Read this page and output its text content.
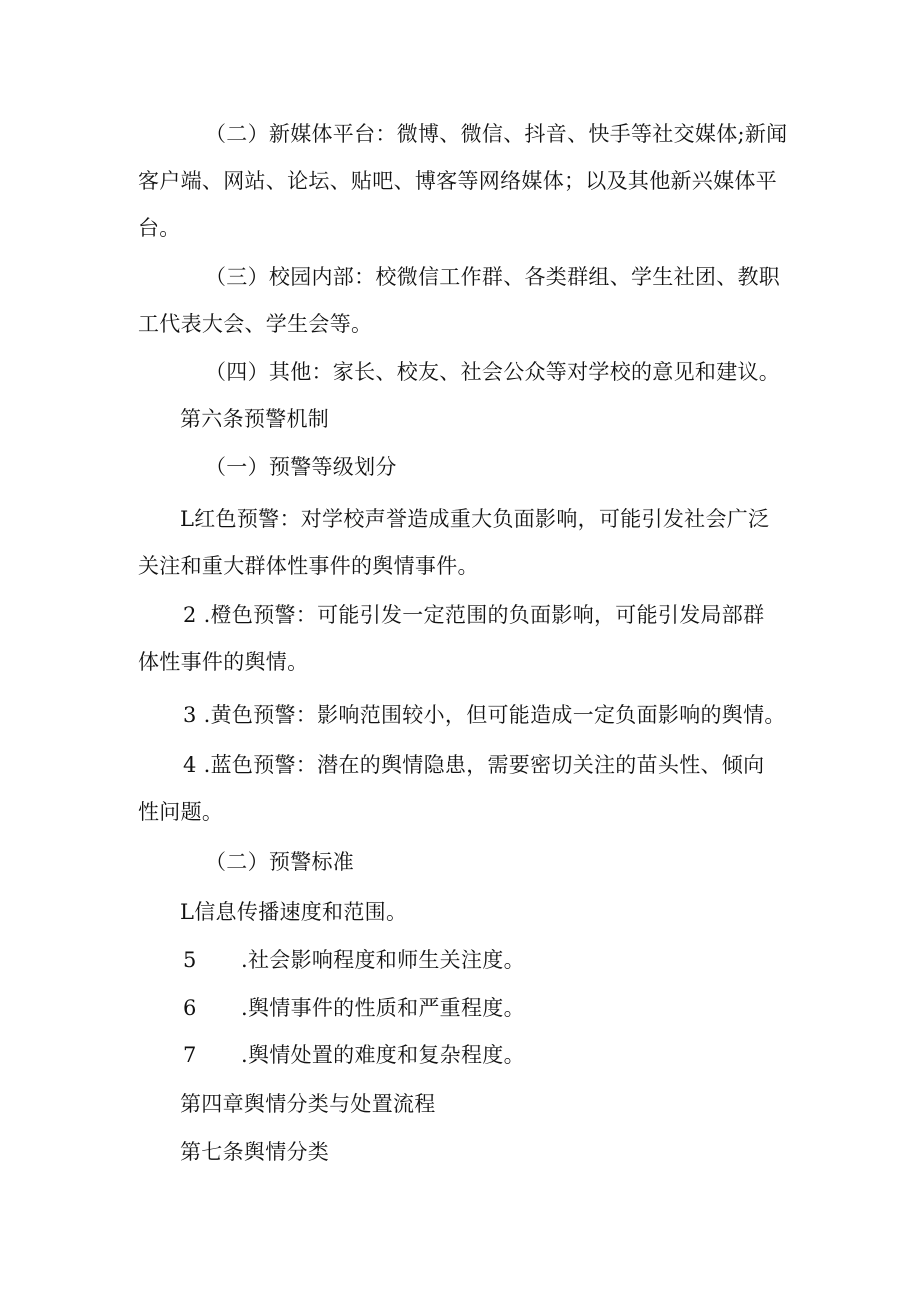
（二）新媒体平台：微博、微信、抖音、快手等社交媒体;新闻
客户端、网站、论坛、贴吧、博客等网络媒体；以及其他新兴媒体平
台。
（三）校园内部：校微信工作群、各类群组、学生社团、教职
工代表大会、学生会等。
（四）其他：家长、校友、社会公众等对学校的意见和建议。
第六条预警机制
（一）预警等级划分
L红色预警：对学校声誉造成重大负面影响，可能引发社会广泛
关注和重大群体性事件的舆情事件。
2 .橙色预警：可能引发一定范围的负面影响，可能引发局部群
体性事件的舆情。
3 .黄色预警：影响范围较小，但可能造成一定负面影响的舆情。
4 .蓝色预警：潜在的舆情隐患，需要密切关注的苗头性、倾向
性问题。
（二）预警标准
L信息传播速度和范围。
5 .社会影响程度和师生关注度。
6 .舆情事件的性质和严重程度。
7 .舆情处置的难度和复杂程度。
第四章舆情分类与处置流程
第七条舆情分类
